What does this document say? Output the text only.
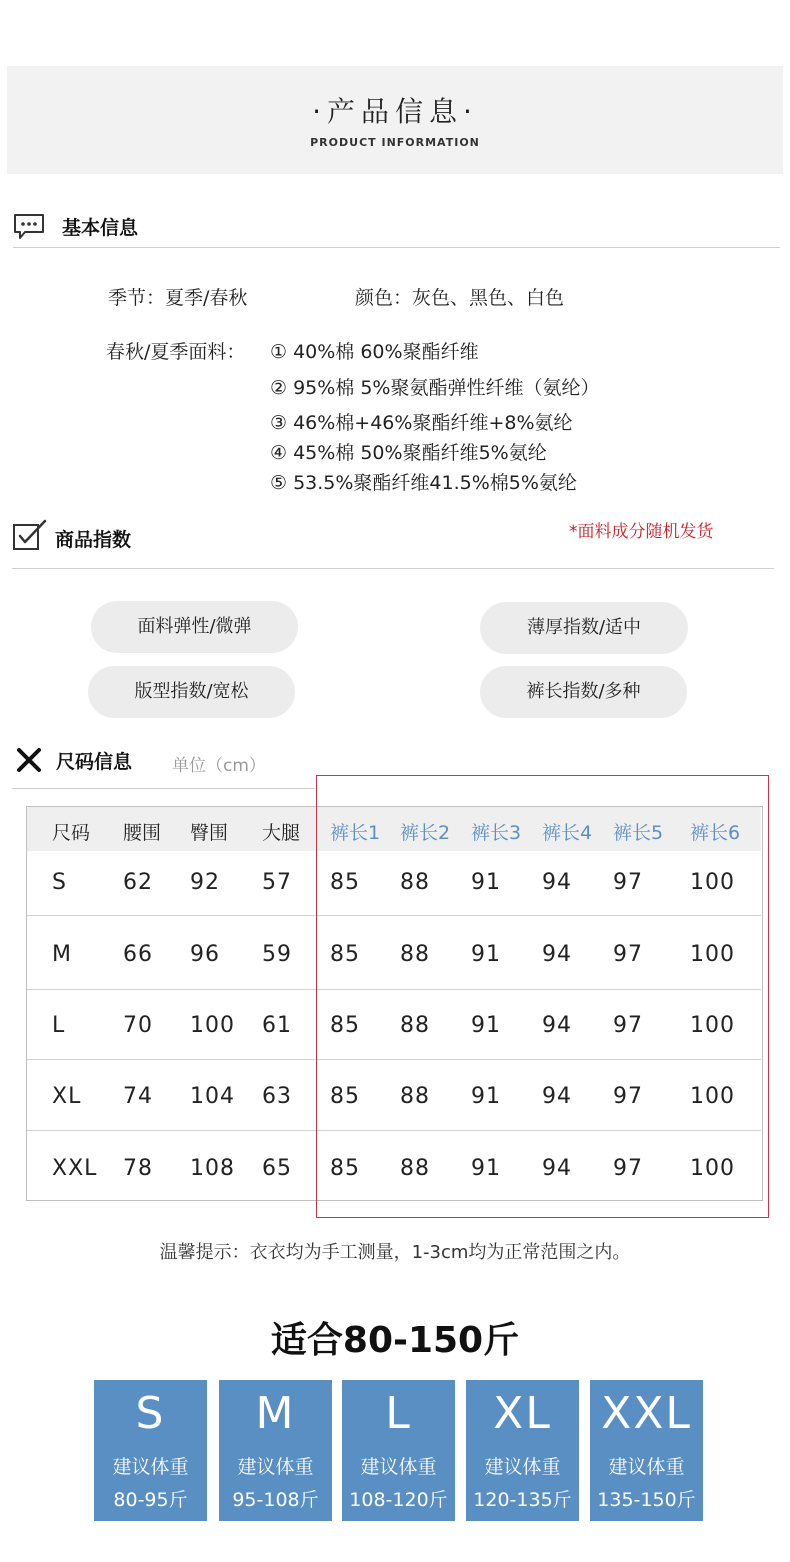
·产品信息·
PRODUCT INFORMATION
基本信息
季节：夏季/春秋	颜色：灰色、黑色、白色
春秋/夏季面料： ① 40%棉 60%聚酯纤维
② 95%棉 5%聚氨酯弹性纤维（氨纶）
③ 46%棉+46%聚酯纤维+8%氨纶
④ 45%棉 50%聚酯纤维5%氨纶
⑤ 53.5%聚酯纤维41.5%棉5%氨纶
商品指数	*面料成分随机发货
面料弹性/微弹	薄厚指数/适中
版型指数/宽松	裤长指数/多种
尺码信息 单位（cm）
尺码 腰围 臀围 大腿 裤长1 裤长2 裤长3 裤长4 裤长5 裤长6
S	62 92 57 85 88 91 94 97 100
M 66 96 59 85 88 91 94 97 100
L	70 100 61 85 88 91 94 97 100
XL 74 104 63 85 88 91 94 97 100
XXL 78 108 65 85 88 91 94 97 100
温馨提示：衣衣均为手工测量，1-3cm均为正常范围之内。
适合80-150斤
S
建议体重
80-95斤
M
建议体重
95-108斤
L
建议体重
108-120斤
XL
建议体重
120-135斤
XXL
建议体重
135-150斤
